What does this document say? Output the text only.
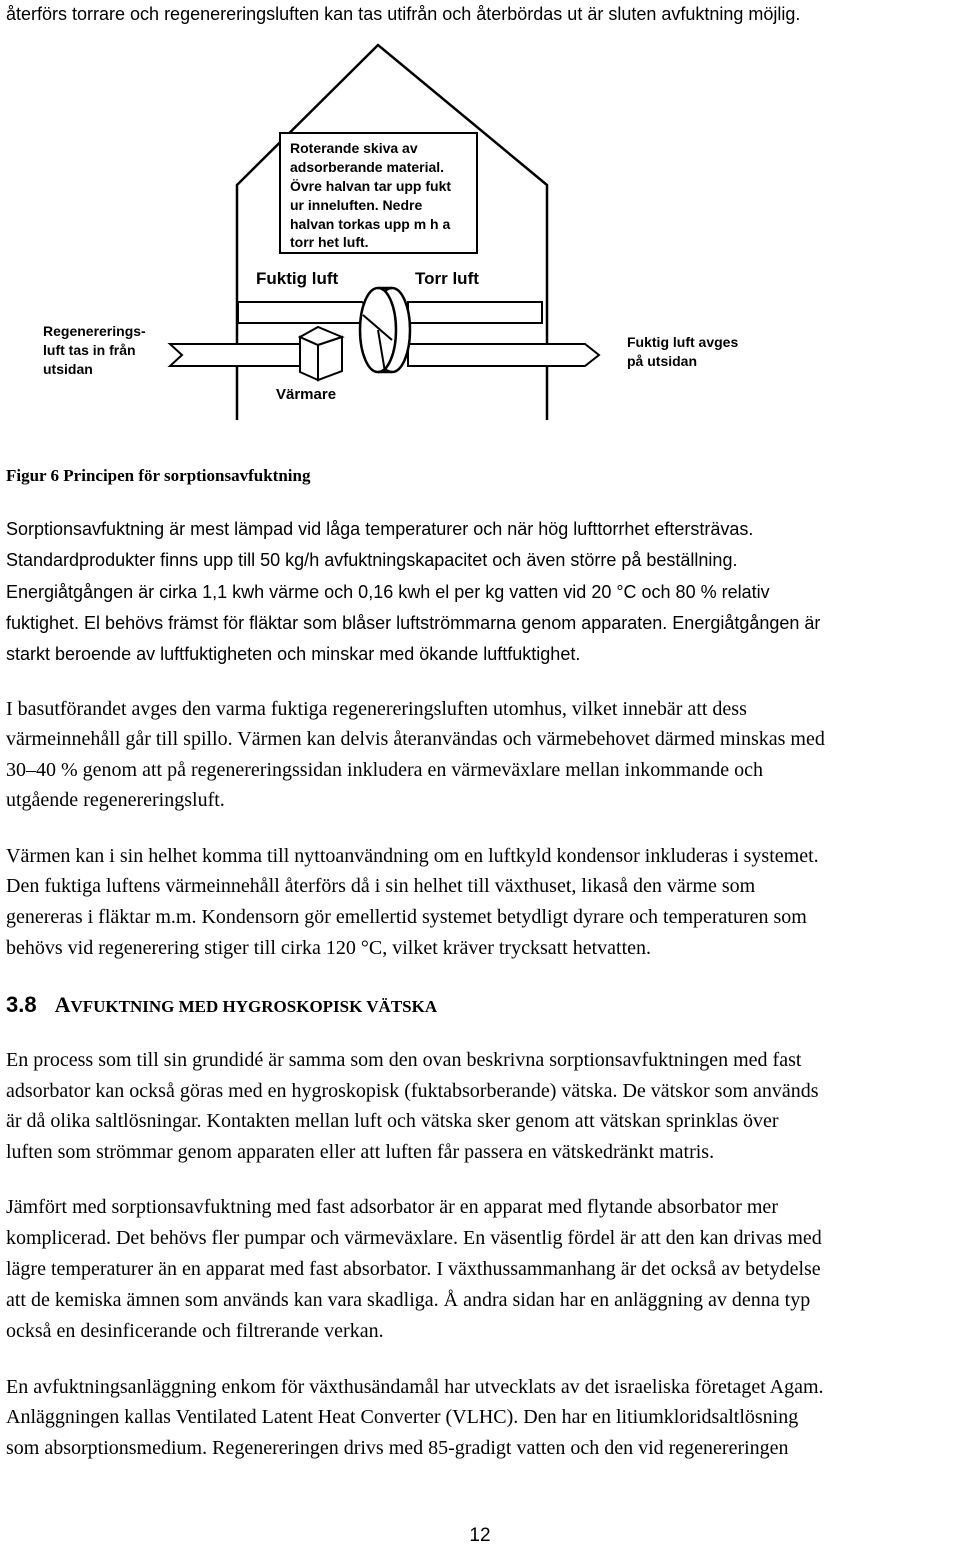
återförs torrare och regenereringsluften kan tas utifrån och återbördas ut är sluten avfuktning möjlig.
Roterande skiva av
adsorberande material.
Övre halvan tar upp fukt
ur inneluften. Nedre
halvan torkas upp m h a
torr het luft.
Fuktig luft	Torr luft
Värmare
Regenererings-
luft tas in från
utsidan
Fuktig luft avges
på utsidan
Figur 6 Principen för sorptionsavfuktning
Sorptionsavfuktning är mest lämpad vid låga temperaturer och när hög lufttorrhet eftersträvas.
Standardprodukter finns upp till 50 kg/h avfuktningskapacitet och även större på beställning.
Energiåtgången är cirka 1,1 kwh värme och 0,16 kwh el per kg vatten vid 20 °C och 80 % relativ
fuktighet. El behövs främst för fläktar som blåser luftströmmarna genom apparaten. Energiåtgången är
starkt beroende av luftfuktigheten och minskar med ökande luftfuktighet.
I basutförandet avges den varma fuktiga regenereringsluften utomhus, vilket innebär att dess
värmeinnehåll går till spillo. Värmen kan delvis återanvändas och värmebehovet därmed minskas med
30–40 % genom att på regenereringssidan inkludera en värmeväxlare mellan inkommande och
utgående regenereringsluft.
Värmen kan i sin helhet komma till nyttoanvändning om en luftkyld kondensor inkluderas i systemet.
Den fuktiga luftens värmeinnehåll återförs då i sin helhet till växthuset, likaså den värme som
genereras i fläktar m.m. Kondensorn gör emellertid systemet betydligt dyrare och temperaturen som
behövs vid regenerering stiger till cirka 120 °C, vilket kräver trycksatt hetvatten.
3.8 AVFUKTNING MED HYGROSKOPISK VÄTSKA
En process som till sin grundidé är samma som den ovan beskrivna sorptionsavfuktningen med fast
adsorbator kan också göras med en hygroskopisk (fuktabsorberande) vätska. De vätskor som används
är då olika saltlösningar. Kontakten mellan luft och vätska sker genom att vätskan sprinklas över
luften som strömmar genom apparaten eller att luften får passera en vätskedränkt matris.
Jämfört med sorptionsavfuktning med fast adsorbator är en apparat med flytande absorbator mer
komplicerad. Det behövs fler pumpar och värmeväxlare. En väsentlig fördel är att den kan drivas med
lägre temperaturer än en apparat med fast absorbator. I växthussammanhang är det också av betydelse
att de kemiska ämnen som används kan vara skadliga. Å andra sidan har en anläggning av denna typ
också en desinficerande och filtrerande verkan.
En avfuktningsanläggning enkom för växthusändamål har utvecklats av det israeliska företaget Agam.
Anläggningen kallas Ventilated Latent Heat Converter (VLHC). Den har en litiumkloridsaltlösning
som absorptionsmedium. Regenereringen drivs med 85-gradigt vatten och den vid regenereringen
12
